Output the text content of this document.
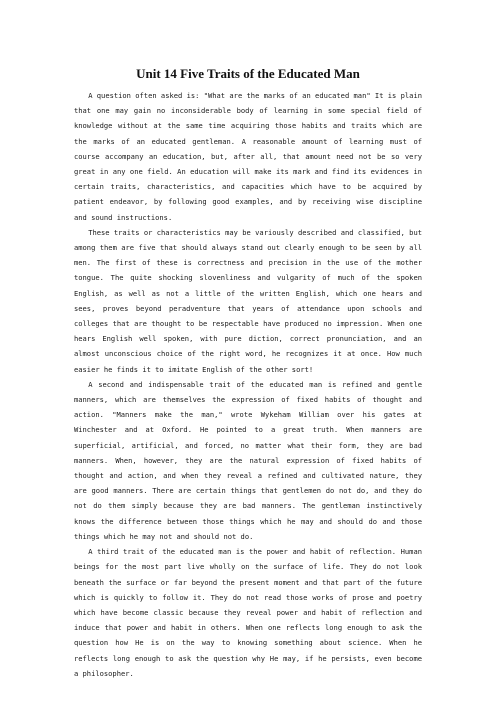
Unit 14 Five Traits of the Educated Man

A question often asked is: "What are the marks of an educated man" It is plain that one may gain no inconsiderable body of learning in some special field of knowledge without at the same time acquiring those habits and traits which are the marks of an educated gentleman. A reasonable amount of learning must of course accompany an education, but, after all, that amount need not be so very great in any one field. An education will make its mark and find its evidences in certain traits, characteristics, and capacities which have to be acquired by patient endeavor, by following good examples, and by receiving wise discipline and sound instructions.

These traits or characteristics may be variously described and classified, but among them are five that should always stand out clearly enough to be seen by all men. The first of these is correctness and precision in the use of the mother tongue. The quite shocking slovenliness and vulgarity of much of the spoken English, as well as not a little of the written English, which one hears and sees, proves beyond peradventure that years of attendance upon schools and colleges that are thought to be respectable have produced no impression. When one hears English well spoken, with pure diction, correct pronunciation, and an almost unconscious choice of the right word, he recognizes it at once. How much easier he finds it to imitate English of the other sort!

A second and indispensable trait of the educated man is refined and gentle manners, which are themselves the expression of fixed habits of thought and action. "Manners make the man," wrote Wykeham William over his gates at Winchester and at Oxford. He pointed to a great truth. When manners are superficial, artificial, and forced, no matter what their form, they are bad manners. When, however, they are the natural expression of fixed habits of thought and action, and when they reveal a refined and cultivated nature, they are good manners. There are certain things that gentlemen do not do, and they do not do them simply because they are bad manners. The gentleman instinctively knows the difference between those things which he may and should do and those things which he may not and should not do.

A third trait of the educated man is the power and habit of reflection. Human beings for the most part live wholly on the surface of life. They do not look beneath the surface or far beyond the present moment and that part of the future which is quickly to follow it. They do not read those works of prose and poetry which have become classic because they reveal power and habit of reflection and induce that power and habit in others. When one reflects long enough to ask the question how He is on the way to knowing something about science. When he reflects long enough to ask the question why He may, if he persists, even become a philosopher.
